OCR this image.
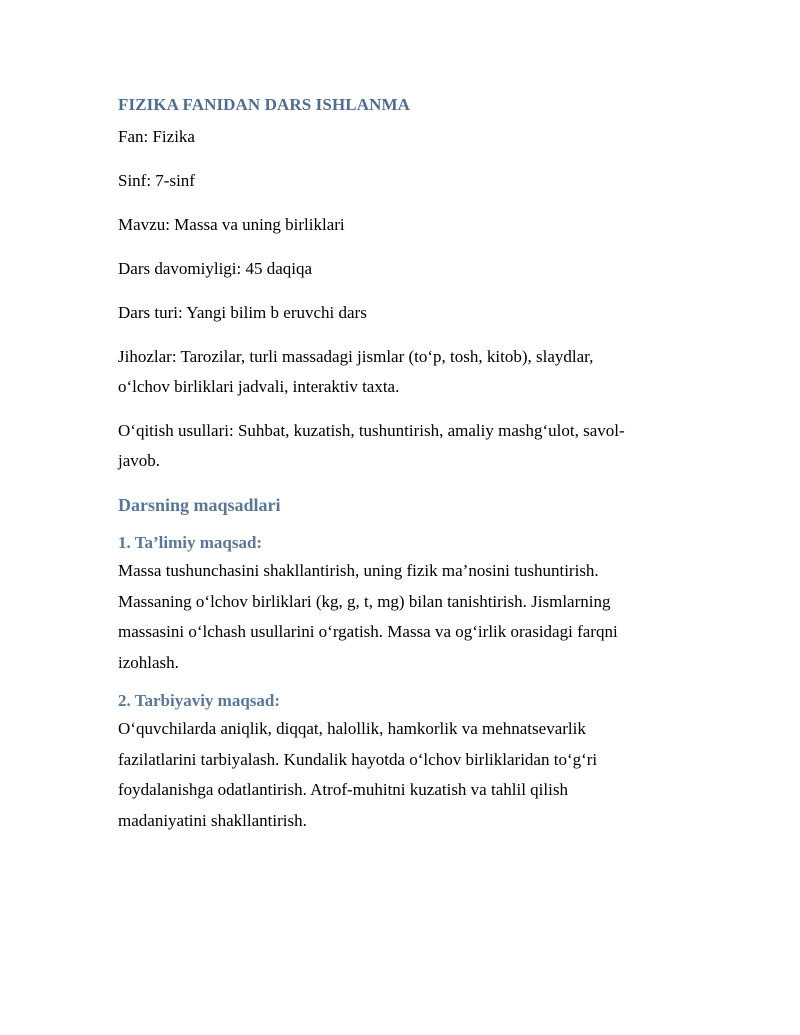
FIZIKA FANIDAN DARS ISHLANMA

Fan: Fizika

Sinf: 7-sinf

Mavzu: Massa va uning birliklari

Dars davomiyligi: 45 daqiqa

Dars turi: Yangi bilim b eruvchi dars

Jihozlar: Tarozilar, turli massadagi jismlar (to‘p, tosh, kitob), slaydlar,
o‘lchov birliklari jadvali, interaktiv taxta.
O‘qitish usullari: Suhbat, kuzatish, tushuntirish, amaliy mashg‘ulot, savol-
javob.
Darsning maqsadlari
1. Ta’limiy maqsad:
Massa tushunchasini shakllantirish, uning fizik ma’nosini tushuntirish.
Massaning o‘lchov birliklari (kg, g, t, mg) bilan tanishtirish. Jismlarning
massasini o‘lchash usullarini o‘rgatish. Massa va og‘irlik orasidagi farqni
izohlash.
2. Tarbiyaviy maqsad:
O‘quvchilarda aniqlik, diqqat, halollik, hamkorlik va mehnatsevarlik
fazilatlarini tarbiyalash. Kundalik hayotda o‘lchov birliklaridan to‘g‘ri
foydalanishga odatlantirish. Atrof-muhitni kuzatish va tahlil qilish
madaniyatini shakllantirish.
